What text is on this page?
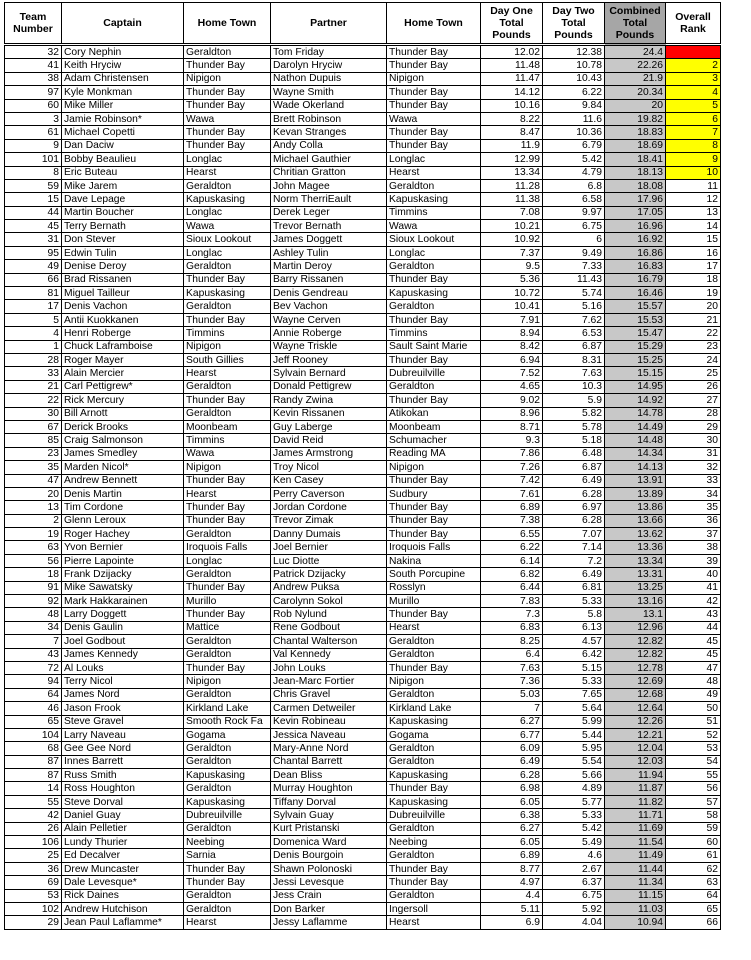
Team Number	Captain	Home Town	Partner	Home Town	Day One Total Pounds	Day Two Total Pounds	Combined Total Pounds	Overall Rank
32	Cory Nephin	Geraldton	Tom Friday	Thunder Bay	12.02	12.38	24.4	
41	Keith Hryciw	Thunder Bay	Darolyn Hryciw	Thunder Bay	11.48	10.78	22.26	2
38	Adam Christensen	Nipigon	Nathon Dupuis	Nipigon	11.47	10.43	21.9	3
97	Kyle Monkman	Thunder Bay	Wayne Smith	Thunder Bay	14.12	6.22	20.34	4
60	Mike Miller	Thunder Bay	Wade Okerland	Thunder Bay	10.16	9.84	20	5
3	Jamie Robinson*	Wawa	Brett Robinson	Wawa	8.22	11.6	19.82	6
61	Michael Copetti	Thunder Bay	Kevan Stranges	Thunder Bay	8.47	10.36	18.83	7
9	Dan Daciw	Thunder Bay	Andy Colla	Thunder Bay	11.9	6.79	18.69	8
101	Bobby Beaulieu	Longlac	Michael Gauthier	Longlac	12.99	5.42	18.41	9
8	Eric Buteau	Hearst	Chritian Gratton	Hearst	13.34	4.79	18.13	10
59	Mike Jarem	Geraldton	John Magee	Geraldton	11.28	6.8	18.08	11
15	Dave Lepage	Kapuskasing	Norm TherriEault	Kapuskasing	11.38	6.58	17.96	12
44	Martin Boucher	Longlac	Derek Leger	Timmins	7.08	9.97	17.05	13
45	Terry Bernath	Wawa	Trevor Bernath	Wawa	10.21	6.75	16.96	14
31	Don Stever	Sioux Lookout	James Doggett	Sioux Lookout	10.92	6	16.92	15
95	Edwin Tulin	Longlac	Ashley Tulin	Longlac	7.37	9.49	16.86	16
49	Denise Deroy	Geraldton	Martin Deroy	Geraldton	9.5	7.33	16.83	17
66	Brad Rissanen	Thunder Bay	Barry Rissanen	Thunder Bay	5.36	11.43	16.79	18
81	Miguel Tailleur	Kapuskasing	Denis Gendreau	Kapuskasing	10.72	5.74	16.46	19
17	Denis Vachon	Geraldton	Bev Vachon	Geraldton	10.41	5.16	15.57	20
5	Antii Kuokkanen	Thunder Bay	Wayne Cerven	Thunder Bay	7.91	7.62	15.53	21
4	Henri Roberge	Timmins	Annie Roberge	Timmins	8.94	6.53	15.47	22
1	Chuck Laframboise	Nipigon	Wayne Triskle	Sault Saint Marie	8.42	6.87	15.29	23
28	Roger Mayer	South Gillies	Jeff Rooney	Thunder Bay	6.94	8.31	15.25	24
33	Alain Mercier	Hearst	Sylvain Bernard	Dubreuilville	7.52	7.63	15.15	25
21	Carl Pettigrew*	Geraldton	Donald Pettigrew	Geraldton	4.65	10.3	14.95	26
22	Rick Mercury	Thunder Bay	Randy Zwina	Thunder Bay	9.02	5.9	14.92	27
30	Bill Arnott	Geraldton	Kevin Rissanen	Atikokan	8.96	5.82	14.78	28
67	Derick Brooks	Moonbeam	Guy Laberge	Moonbeam	8.71	5.78	14.49	29
85	Craig Salmonson	Timmins	David Reid	Schumacher	9.3	5.18	14.48	30
23	James Smedley	Wawa	James Armstrong	Reading MA	7.86	6.48	14.34	31
35	Marden Nicol*	Nipigon	Troy Nicol	Nipigon	7.26	6.87	14.13	32
47	Andrew Bennett	Thunder Bay	Ken Casey	Thunder Bay	7.42	6.49	13.91	33
20	Denis Martin	Hearst	Perry Caverson	Sudbury	7.61	6.28	13.89	34
13	Tim Cordone	Thunder Bay	Jordan Cordone	Thunder Bay	6.89	6.97	13.86	35
2	Glenn Leroux	Thunder Bay	Trevor Zimak	Thunder Bay	7.38	6.28	13.66	36
19	Roger Hachey	Geraldton	Danny Dumais	Thunder Bay	6.55	7.07	13.62	37
63	Yvon Bernier	Iroquois Falls	Joel Bernier	Iroquois Falls	6.22	7.14	13.36	38
56	Pierre Lapointe	Longlac	Luc Diotte	Nakina	6.14	7.2	13.34	39
18	Frank Dzijacky	Geraldton	Patrick Dzijacky	South Porcupine	6.82	6.49	13.31	40
91	Mike Sawatsky	Thunder Bay	Andrew Puksa	Rosslyn	6.44	6.81	13.25	41
92	Mark Hakkarainen	Murillo	Carolynn Sokol	Murillo	7.83	5.33	13.16	42
48	Larry Doggett	Thunder Bay	Rob Nylund	Thunder Bay	7.3	5.8	13.1	43
34	Denis Gaulin	Mattice	Rene Godbout	Hearst	6.83	6.13	12.96	44
7	Joel Godbout	Geraldton	Chantal Walterson	Geraldton	8.25	4.57	12.82	45
43	James Kennedy	Geraldton	Val Kennedy	Geraldton	6.4	6.42	12.82	45
72	Al Louks	Thunder Bay	John Louks	Thunder Bay	7.63	5.15	12.78	47
94	Terry Nicol	Nipigon	Jean-Marc Fortier	Nipigon	7.36	5.33	12.69	48
64	James Nord	Geraldton	Chris Gravel	Geraldton	5.03	7.65	12.68	49
46	Jason Frook	Kirkland Lake	Carmen Detweiler	Kirkland Lake	7	5.64	12.64	50
65	Steve Gravel	Smooth Rock Fa	Kevin Robineau	Kapuskasing	6.27	5.99	12.26	51
104	Larry Naveau	Gogama	Jessica Naveau	Gogama	6.77	5.44	12.21	52
68	Gee Gee Nord	Geraldton	Mary-Anne Nord	Geraldton	6.09	5.95	12.04	53
87	Innes Barrett	Geraldton	Chantal Barrett	Geraldton	6.49	5.54	12.03	54
87	Russ Smith	Kapuskasing	Dean Bliss	Kapuskasing	6.28	5.66	11.94	55
14	Ross Houghton	Geraldton	Murray Houghton	Thunder Bay	6.98	4.89	11.87	56
55	Steve Dorval	Kapuskasing	Tiffany Dorval	Kapuskasing	6.05	5.77	11.82	57
42	Daniel Guay	Dubreuilville	Sylvain Guay	Dubreuilville	6.38	5.33	11.71	58
26	Alain Pelletier	Geraldton	Kurt Pristanski	Geraldton	6.27	5.42	11.69	59
106	Lundy Thurier	Neebing	Domenica Ward	Neebing	6.05	5.49	11.54	60
25	Ed Decalver	Sarnia	Denis Bourgoin	Geraldton	6.89	4.6	11.49	61
36	Drew Muncaster	Thunder Bay	Shawn Polonoski	Thunder Bay	8.77	2.67	11.44	62
69	Dale Levesque*	Thunder Bay	Jessi Levesque	Thunder Bay	4.97	6.37	11.34	63
53	Rick Daines	Geraldton	Jess Crain	Geraldton	4.4	6.75	11.15	64
102	Andrew Hutchison	Geraldton	Don Barker	Ingersoll	5.11	5.92	11.03	65
29	Jean Paul Laflamme*	Hearst	Jessy Laflamme	Hearst	6.9	4.04	10.94	66
